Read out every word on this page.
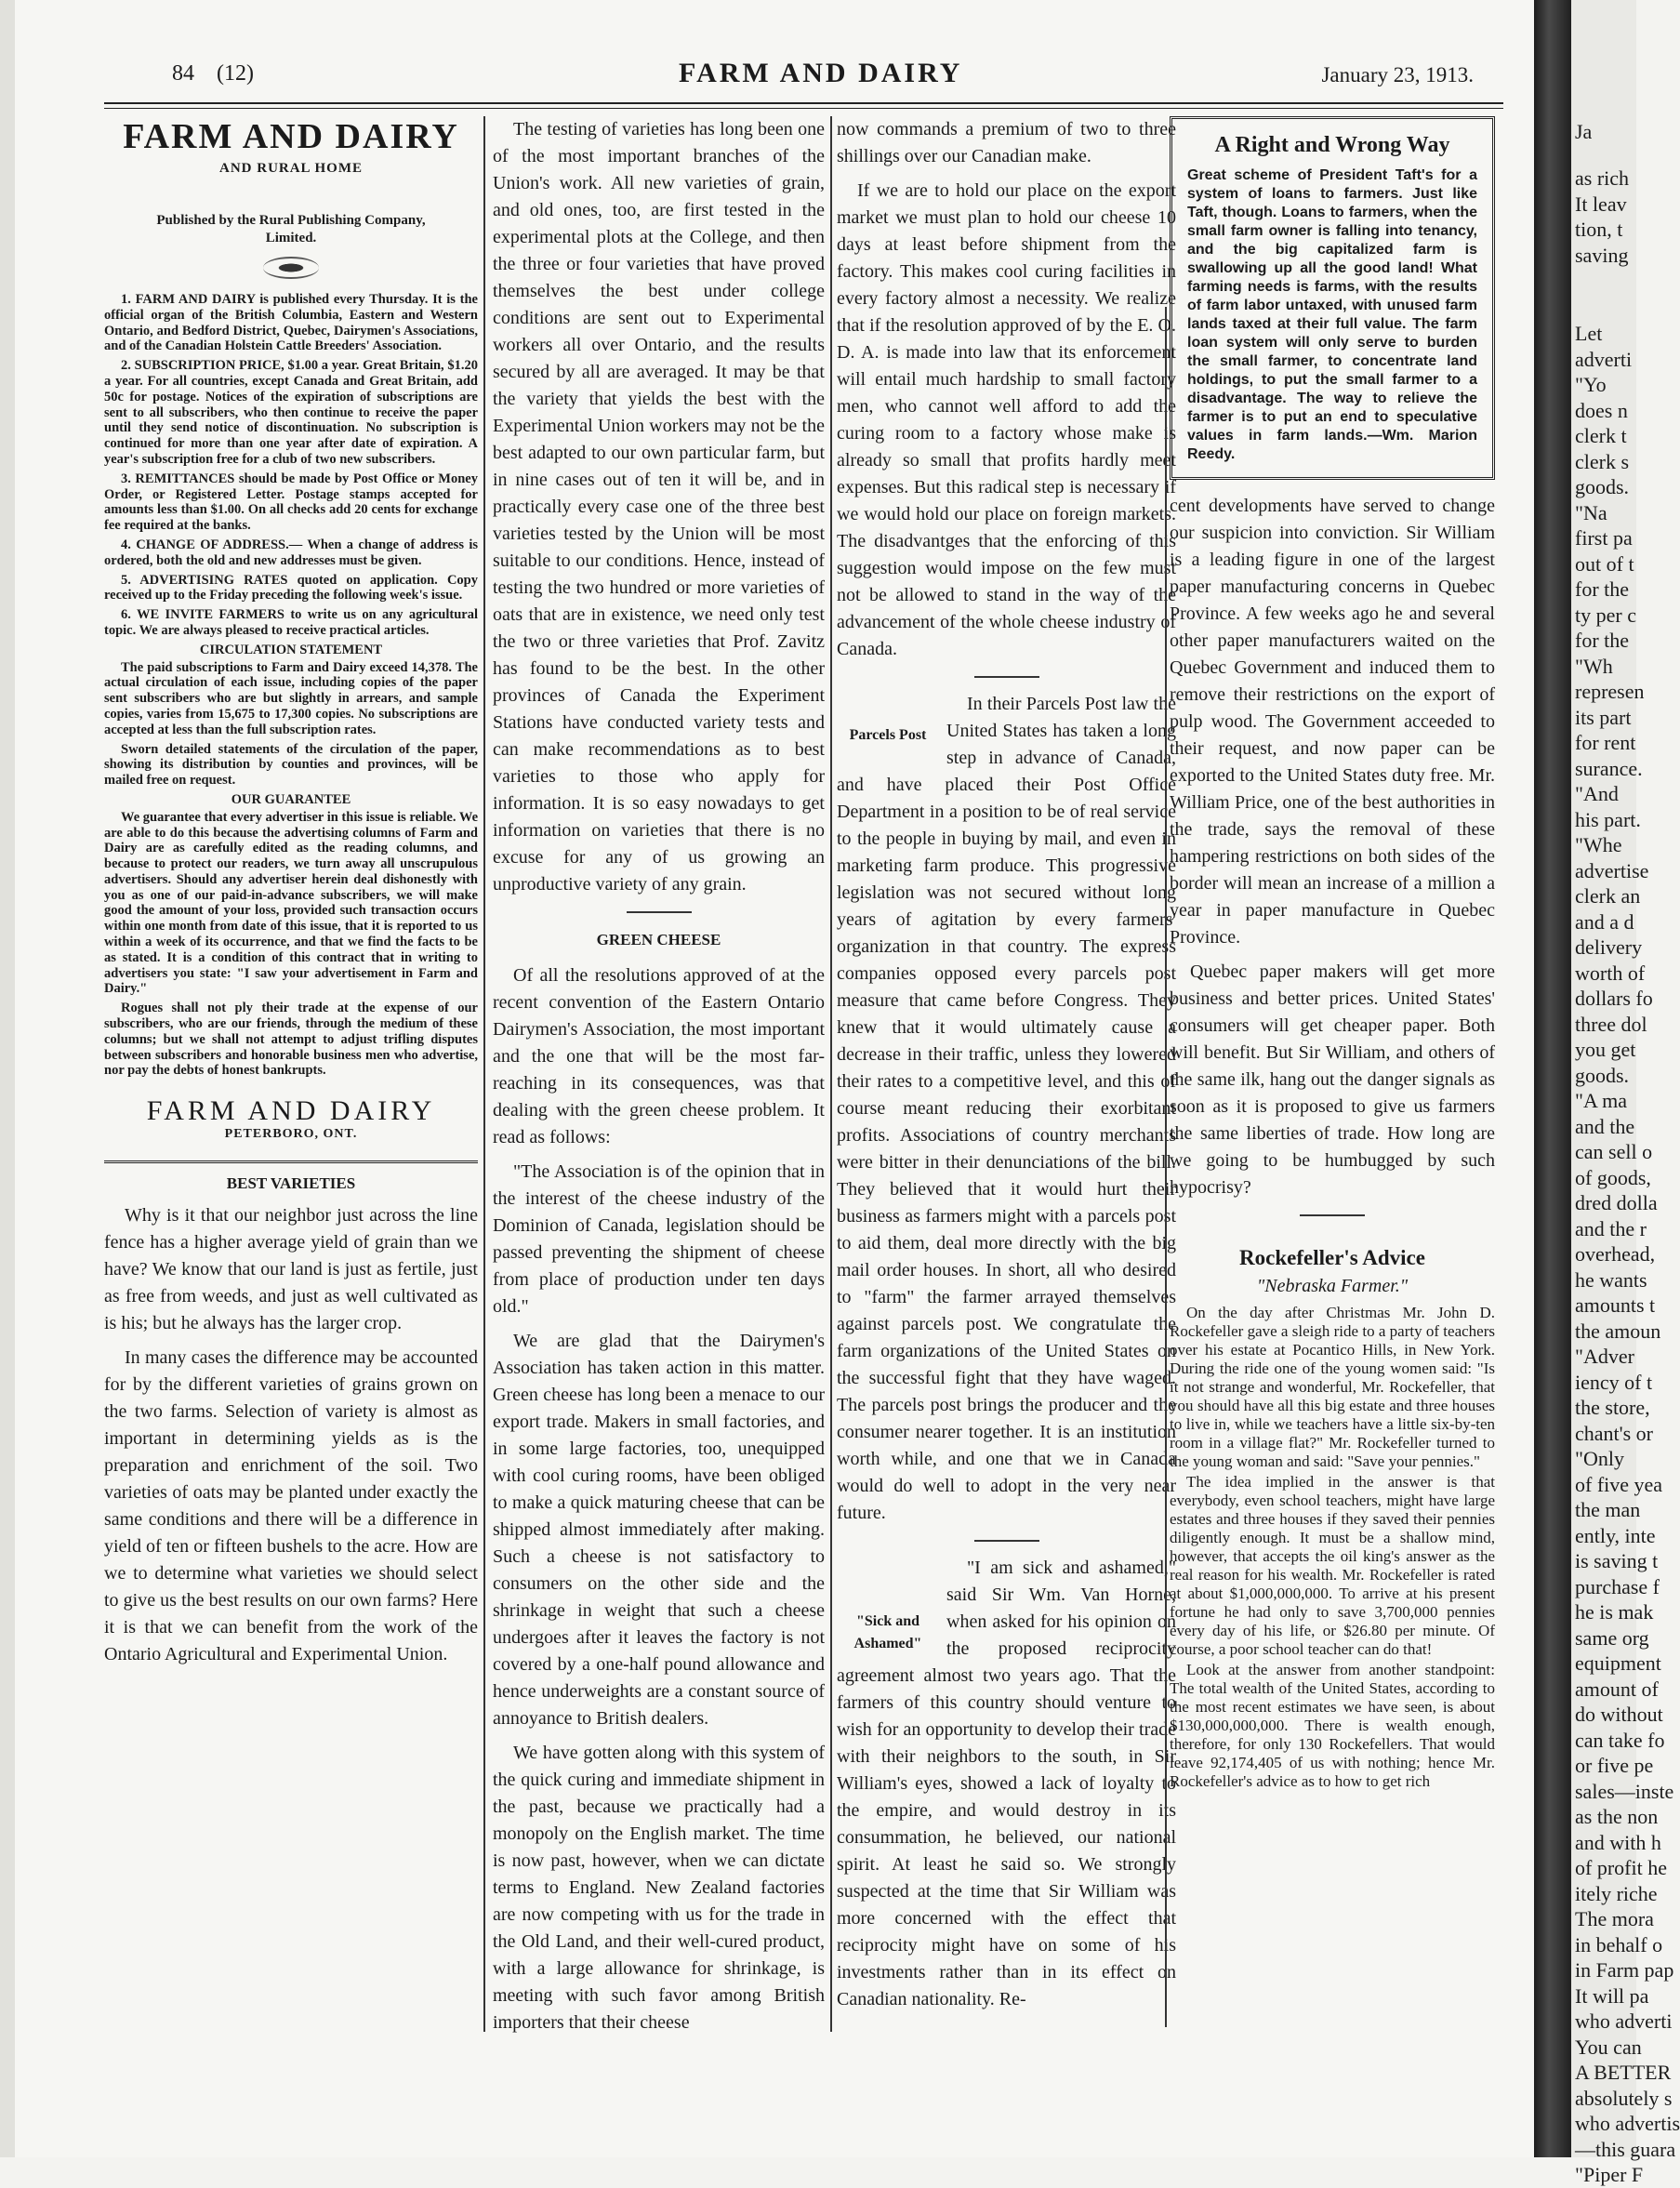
84 (12)	FARM AND DAIRY	January 23, 1913.
FARM AND DAIRY
AND RURAL HOME
Published by the Rural Publishing Company, Limited.

1. FARM AND DAIRY is published every Thursday. It is the official organ of the British Columbia, Eastern and Western Ontario, and Bedford District, Quebec, Dairymen's Associations, and of the Canadian Holstein Cattle Breeders' Association.

2. SUBSCRIPTION PRICE, $1.00 a year. Great Britain, $1.20 a year. For all countries, except Canada and Great Britain, add 50c for postage. Notices of the expiration of subscriptions are sent to all subscribers, who then continue to receive the paper until they send notice of discontinuation. No subscription is continued for more than one year after date of expiration. A year's subscription free for a club of two new subscribers.

3. REMITTANCES should be made by Post Office or Money Order, or Registered Letter. Postage stamps accepted for amounts less than $1.00. On all checks add 20 cents for exchange fee required at the banks.

4. CHANGE OF ADDRESS.— When a change of address is ordered, both the old and new addresses must be given.

5. ADVERTISING RATES quoted on application. Copy received up to the Friday preceding the following week's issue.

6. WE INVITE FARMERS to write us on any agricultural topic. We are always pleased to receive practical articles.

CIRCULATION STATEMENT

The paid subscriptions to Farm and Dairy exceed 14,378. The actual circulation of each issue, including copies of the paper sent subscribers who are but slightly in arrears, and sample copies, varies from 15,675 to 17,300 copies. No subscriptions are accepted at less than the full subscription rates.

Sworn detailed statements of the circulation of the paper, showing its distribution by counties and provinces, will be mailed free on request.

OUR GUARANTEE

We guarantee that every advertiser in this issue is reliable. We are able to do this because the advertising columns of Farm and Dairy are as carefully edited as the reading columns, and because to protect our readers, we turn away all unscrupulous advertisers. Should any advertiser herein deal dishonestly with you as one of our paid-in-advance subscribers, we will make good the amount of your loss, provided such transaction occurs within one month from date of this issue, that it is reported to us within a week of its occurrence, and that we find the facts to be as stated. It is a condition of this contract that in writing to advertisers you state: "I saw your advertisement in Farm and Dairy."

Rogues shall not ply their trade at the expense of our subscribers, who are our friends, through the medium of these columns; but we shall not attempt to adjust trifling disputes between subscribers and honorable business men who advertise, nor pay the debts of honest bankrupts.

FARM AND DAIRY
PETERBORO, ONT.
BEST VARIETIES

Why is it that our neighbor just across the line fence has a higher average yield of grain than we have? We know that our land is just as fertile, just as free from weeds, and just as well cultivated as is his; but he always has the larger crop.

In many cases the difference may be accounted for by the different varieties of grains grown on the two farms. Selection of variety is almost as important in determining yields as is the preparation and enrichment of the soil. Two varieties of oats may be planted under exactly the same conditions and there will be a difference in yield of ten or fifteen bushels to the acre. How are we to determine what varieties we should select to give us the best results on our own farms? Here it is that we can benefit from the work of the Ontario Agricultural and Experimental Union.

The testing of varieties has long been one of the most important branches of the Union's work. All new varieties of grain, and old ones, too, are first tested in the experimental plots at the College, and then the three or four varieties that have proved themselves the best under college conditions are sent out to Experimental workers all over Ontario, and the results secured by all are averaged. It may be that the variety that yields the best with the Experimental Union workers may not be the best adapted to our own particular farm, but in nine cases out of ten it will be, and in practically every case one of the three best varieties tested by the Union will be most suitable to our conditions. Hence, instead of testing the two hundred or more varieties of oats that are in existence, we need only test the two or three varieties that Prof. Zavitz has found to be the best. In the other provinces of Canada the Experiment Stations have conducted variety tests and can make recommendations as to best varieties to those who apply for information. It is so easy nowadays to get information on varieties that there is no excuse for any of us growing an unproductive variety of any grain.

GREEN CHEESE

Of all the resolutions approved of at the recent convention of the Eastern Ontario Dairymen's Association, the most important and the one that will be the most far-reaching in its consequences, was that dealing with the green cheese problem. It read as follows:

"The Association is of the opinion that in the interest of the cheese industry of the Dominion of Canada, legislation should be passed preventing the shipment of cheese from place of production under ten days old."

We are glad that the Dairymen's Association has taken action in this matter. Green cheese has long been a menace to our export trade. Makers in small factories, and in some large factories, too, unequipped with cool curing rooms, have been obliged to make a quick maturing cheese that can be shipped almost immediately after making. Such a cheese is not satisfactory to consumers on the other side and the shrinkage in weight that such a cheese undergoes after it leaves the factory is not covered by a one-half pound allowance and hence underweights are a constant source of annoyance to British dealers.

We have gotten along with this system of the quick curing and immediate shipment in the past, because we practically had a monopoly on the English market. The time is now past, however, when we can dictate terms to England. New Zealand factories are now competing with us for the trade in the Old Land, and their well-cured product, with a large allowance for shrinkage, is meeting with such favor among British importers that their cheese

now commands a premium of two to three shillings over our Canadian make.

If we are to hold our place on the export market we must plan to hold our cheese 10 days at least before shipment from the factory. This makes cool curing facilities in every factory almost a necessity. We realize that if the resolution approved of by the E. O. D. A. is made into law that its enforcement will entail much hardship to small factory men, who cannot well afford to add the curing room to a factory whose make is already so small that profits hardly meet expenses. But this radical step is necessary if we would hold our place on foreign markets. The disadvantges that the enforcing of this suggestion would impose on the few must not be allowed to stand in the way of the advancement of the whole cheese industry of Canada.

Parcels Post

In their Parcels Post law the United States has taken a long step in advance of Canada, and have placed their Post Office Department in a position to be of real service to the people in buying by mail, and even in marketing farm produce. This progressive legislation was not secured without long years of agitation by every farmers' organization in that country. The express companies opposed every parcels post measure that came before Congress. They knew that it would ultimately cause a decrease in their traffic, unless they lowered their rates to a competitive level, and this of course meant reducing their exorbitant profits. Associations of country merchants were bitter in their denunciations of the bill. They believed that it would hurt their business as farmers might with a parcels post to aid them, deal more directly with the big mail order houses. In short, all who desired to "farm" the farmer arrayed themselves against parcels post. We congratulate the farm organizations of the United States on the successful fight that they have waged. The parcels post brings the producer and the consumer nearer together. It is an institution worth while, and one that we in Canada would do well to adopt in the very near future.

"Sick and Ashamed"

"I am sick and ashamed," said Sir Wm. Van Horne, when asked for his opinion on the proposed reciprocity agreement almost two years ago. That the farmers of this country should venture to wish for an opportunity to develop their trade with their neighbors to the south, in Sir William's eyes, showed a lack of loyalty to the empire, and would destroy in its consummation, he believed, our national spirit. At least he said so. We strongly suspected at the time that Sir William was more concerned with the effect that reciprocity might have on some of his investments rather than in its effect on Canadian nationality. Re-

A Right and Wrong Way
Great scheme of President Taft's for a system of loans to farmers. Just like Taft, though. Loans to farmers, when the small farm owner is falling into tenancy, and the big capitalized farm is swallowing up all the good land! What farming needs is farms, with the results of farm labor untaxed, with unused farm lands taxed at their full value. The farm loan system will only serve to burden the small farmer, to concentrate land holdings, to put the small farmer to a disadvantage. The way to relieve the farmer is to put an end to speculative values in farm lands.—Wm. Marion Reedy.

cent developments have served to change our suspicion into conviction. Sir William is a leading figure in one of the largest paper manufacturing concerns in Quebec Province. A few weeks ago he and several other paper manufacturers waited on the Quebec Government and induced them to remove their restrictions on the export of pulp wood. The Government acceeded to their request, and now paper can be exported to the United States duty free. Mr. William Price, one of the best authorities in the trade, says the removal of these hampering restrictions on both sides of the border will mean an increase of a million a year in paper manufacture in Quebec Province.

Quebec paper makers will get more business and better prices. United States' consumers will get cheaper paper. Both will benefit. But Sir William, and others of the same ilk, hang out the danger signals as soon as it is proposed to give us farmers the same liberties of trade. How long are we going to be humbugged by such hypocrisy?

Rockefeller's Advice
"Nebraska Farmer."

On the day after Christmas Mr. John D. Rockefeller gave a sleigh ride to a party of teachers over his estate at Pocantico Hills, in New York. During the ride one of the young women said: "Is it not strange and wonderful, Mr. Rockefeller, that you should have all this big estate and three houses to live in, while we teachers have a little six-by-ten room in a village flat?" Mr. Rockefeller turned to the young woman and said: "Save your pennies."

The idea implied in the answer is that everybody, even school teachers, might have large estates and three houses if they saved their pennies diligently enough. It must be a shallow mind, however, that accepts the oil king's answer as the real reason for his wealth. Mr. Rockefeller is rated at about $1,000,000,000. To arrive at his present fortune he had only to save 3,700,000 pennies every day of his life, or $26.80 per minute. Of course, a poor school teacher can do that!

Look at the answer from another standpoint: The total wealth of the United States, according to the most recent estimates we have seen, is about $130,000,000,000. There is wealth enough, therefore, for only 130 Rockefellers. That would leave 92,174,405 of us with nothing; hence Mr. Rockefeller's advice as to how to get rich

Ja
as rich
It leav
tion, t
saving
Let
adverti
"Yo
does n
clerk t
clerk s
goods.
"Na
first pa
out of t
for the
ty per c
for the
"Wh
represen
its part
for rent
surance.
"And
his part.
"Whe
advertise
clerk an
and a d
delivery
worth of
dollars fo
three dol
you get
goods.
"A ma
and the
can sell o
of goods,
dred dolla
and the r
overhead,
he wants
amounts t
the amoun
"Adver
iency of t
the store,
chant's or
"Only
of five yea
the man
ently, inte
is saving t
purchase f
he is mak
same org
equipment
amount of
do without
can take fo
or five pe
sales—inste
as the non
and with h
of profit he
itely riche
The mora
in behalf o
in Farm pap
It will pa
who adverti
You can
A BETTER
absolutely s
who advertis
—this guara
"Piper F
